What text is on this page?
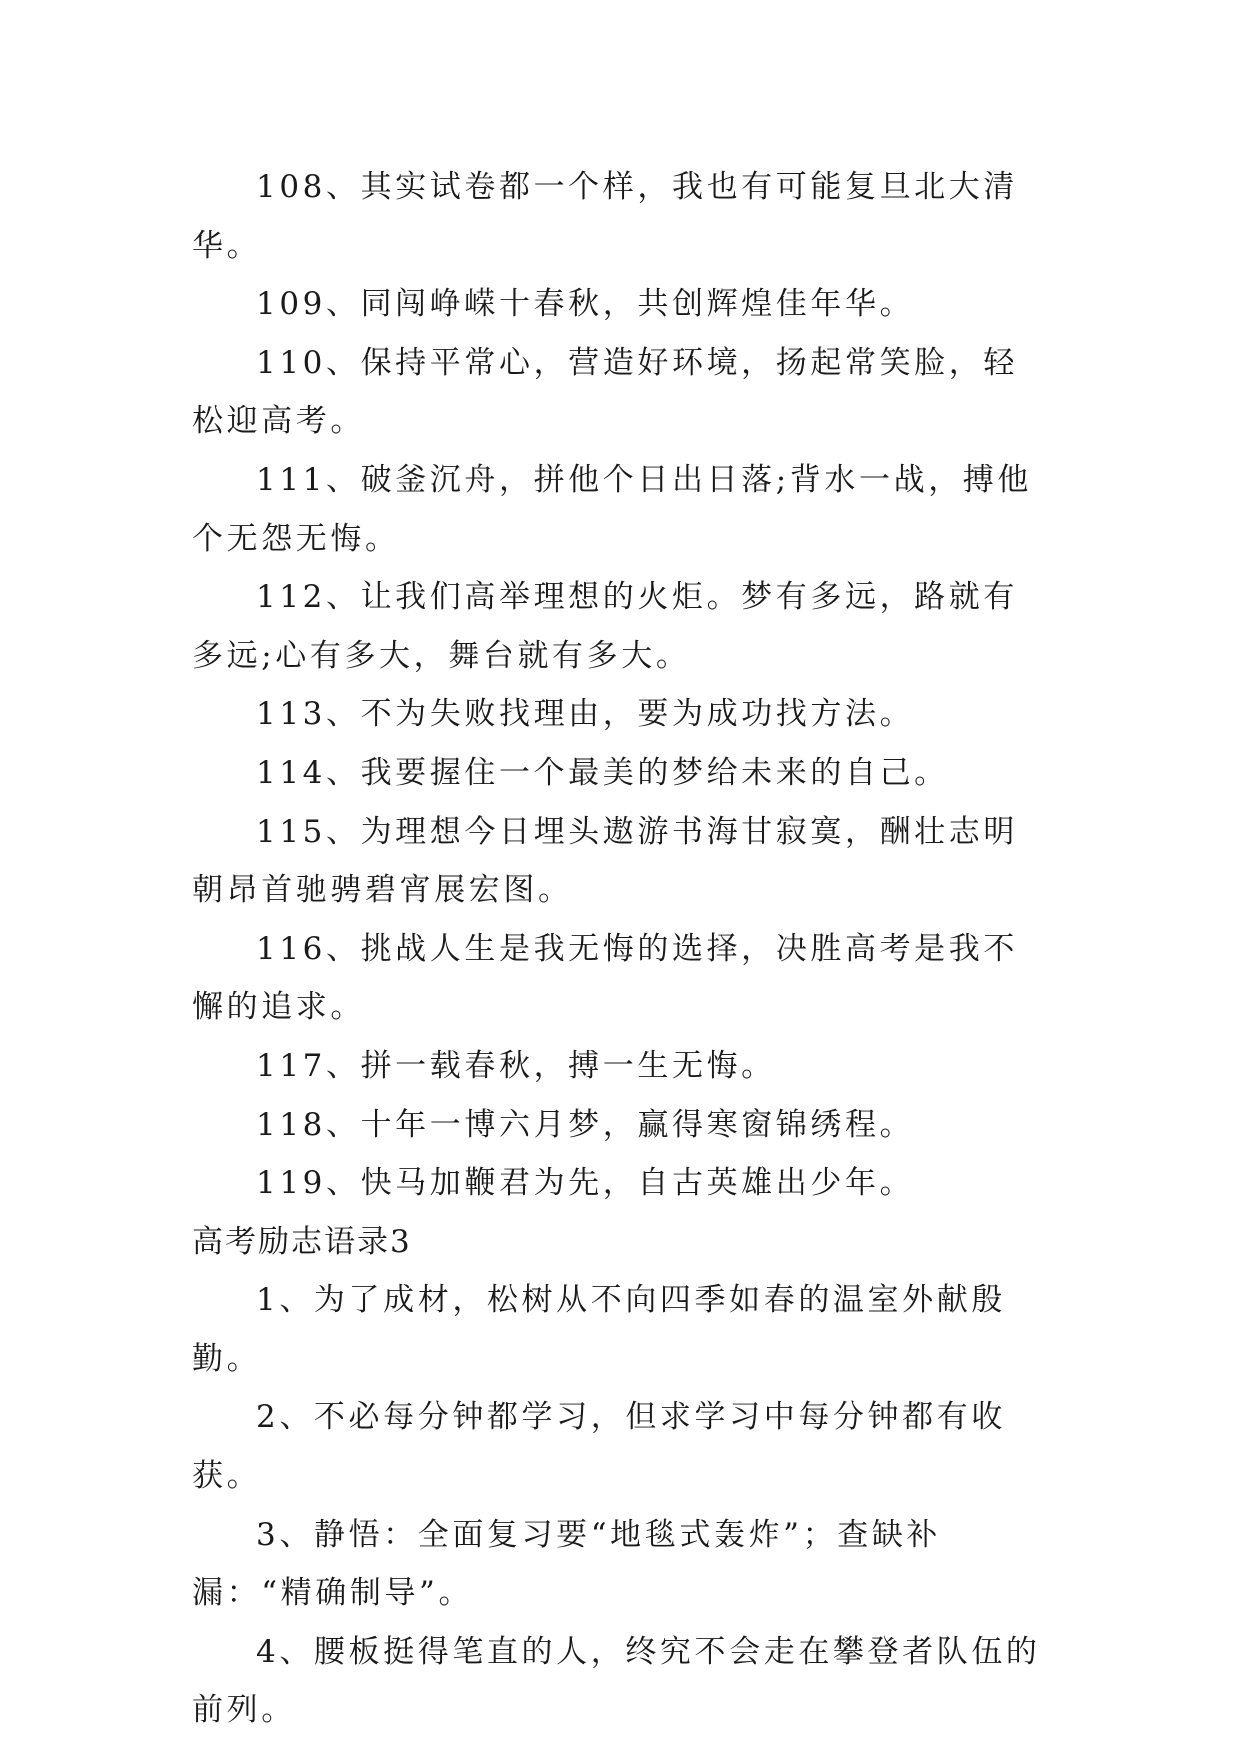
108、其实试卷都一个样，我也有可能复旦北大清华。

109、同闯峥嵘十春秋，共创辉煌佳年华。

110、保持平常心，营造好环境，扬起常笑脸，轻松迎高考。

111、破釜沉舟，拼他个日出日落;背水一战，搏他个无怨无悔。

112、让我们高举理想的火炬。梦有多远，路就有多远;心有多大，舞台就有多大。

113、不为失败找理由，要为成功找方法。

114、我要握住一个最美的梦给未来的自己。

115、为理想今日埋头遨游书海甘寂寞，酬壮志明朝昂首驰骋碧宵展宏图。

116、挑战人生是我无悔的选择，决胜高考是我不懈的追求。

117、拼一载春秋，搏一生无悔。

118、十年一博六月梦，赢得寒窗锦绣程。

119、快马加鞭君为先，自古英雄出少年。

高考励志语录3

1、为了成材，松树从不向四季如春的温室外献殷勤。

2、不必每分钟都学习，但求学习中每分钟都有收获。

3、静悟：全面复习要“地毯式轰炸”；查缺补漏：“精确制导”。

4、腰板挺得笔直的人，终究不会走在攀登者队伍的前列。
